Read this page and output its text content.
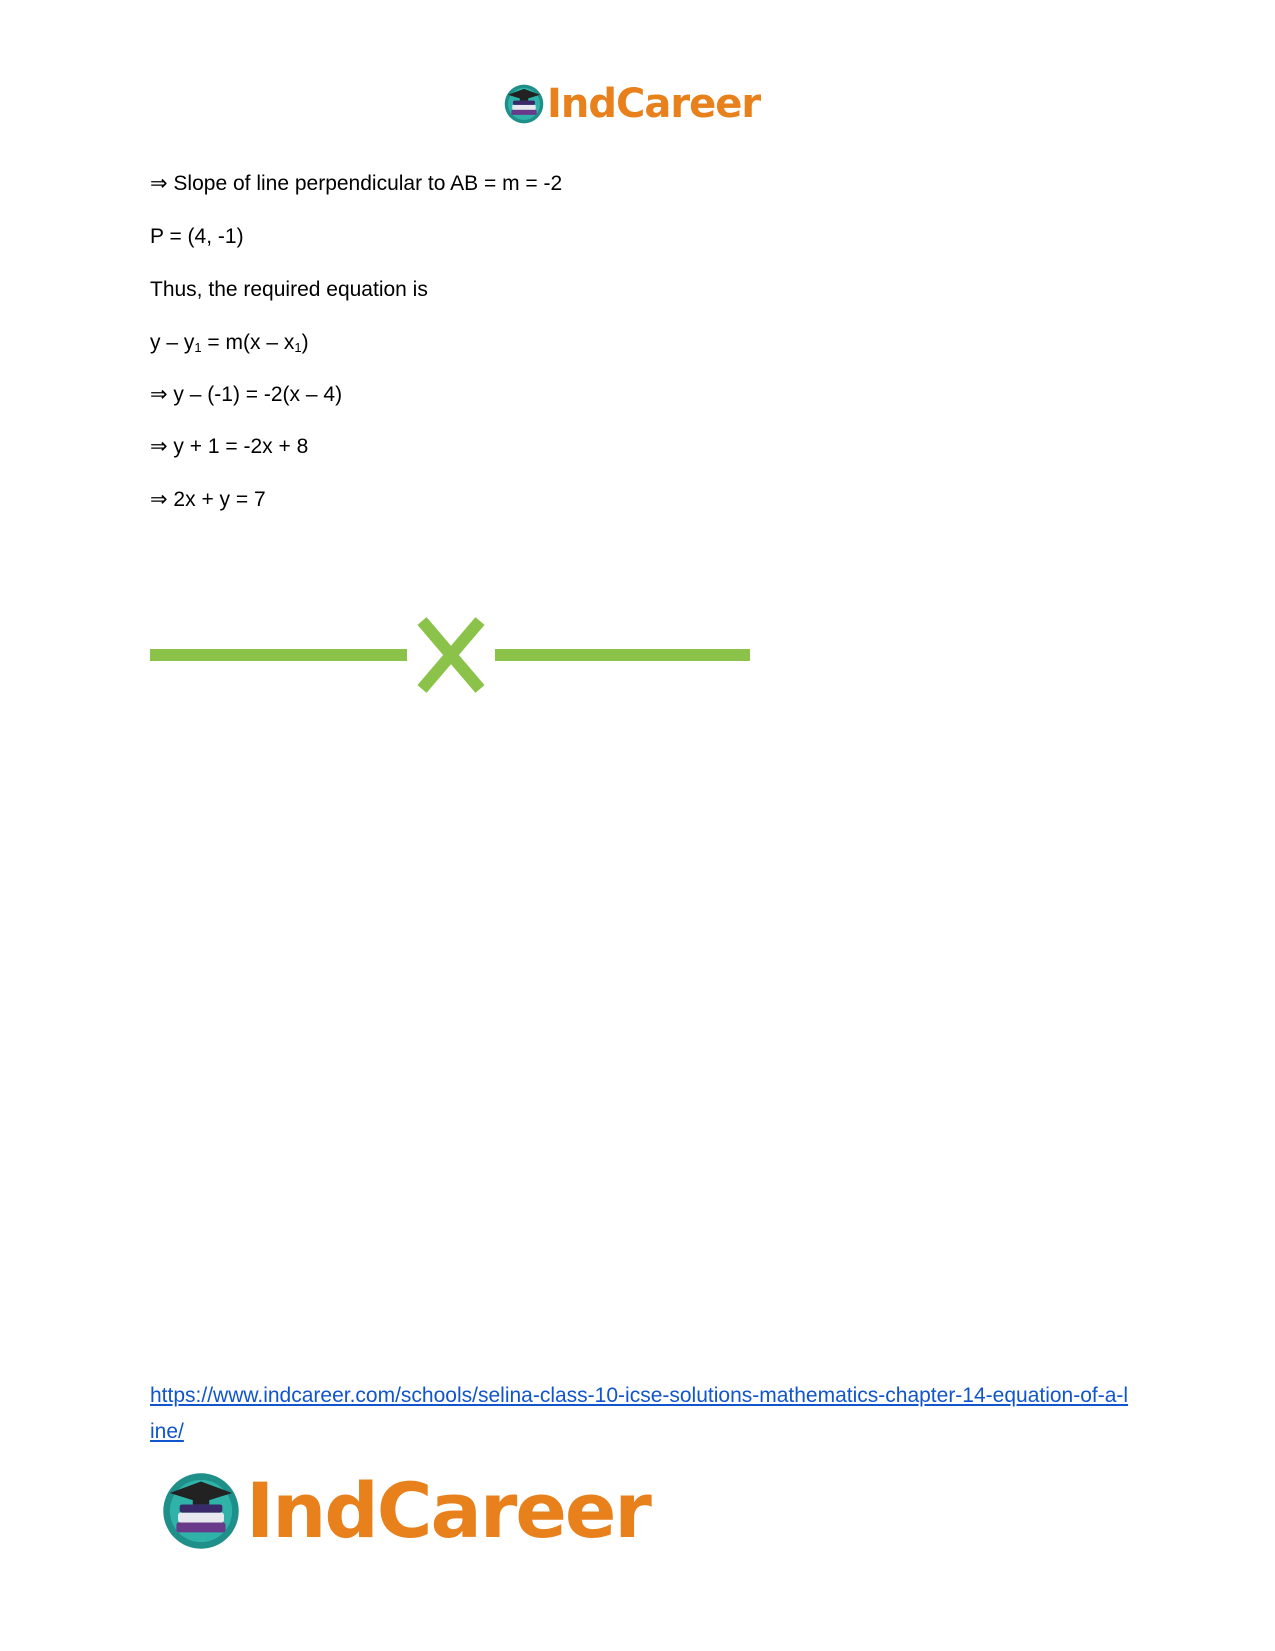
IndCareer
⇒ Slope of line perpendicular to AB = m = -2
P = (4, -1)
Thus, the required equation is
$y - y_1 = m(x - x_1)$
⇒ y – (-1) = -2(x – 4)
⇒ y + 1 = -2x + 8
⇒ 2x + y = 7
https://www.indcareer.com/schools/selina-class-10-icse-solutions-mathematics-chapter-14-equation-of-a-line/
IndCareer
